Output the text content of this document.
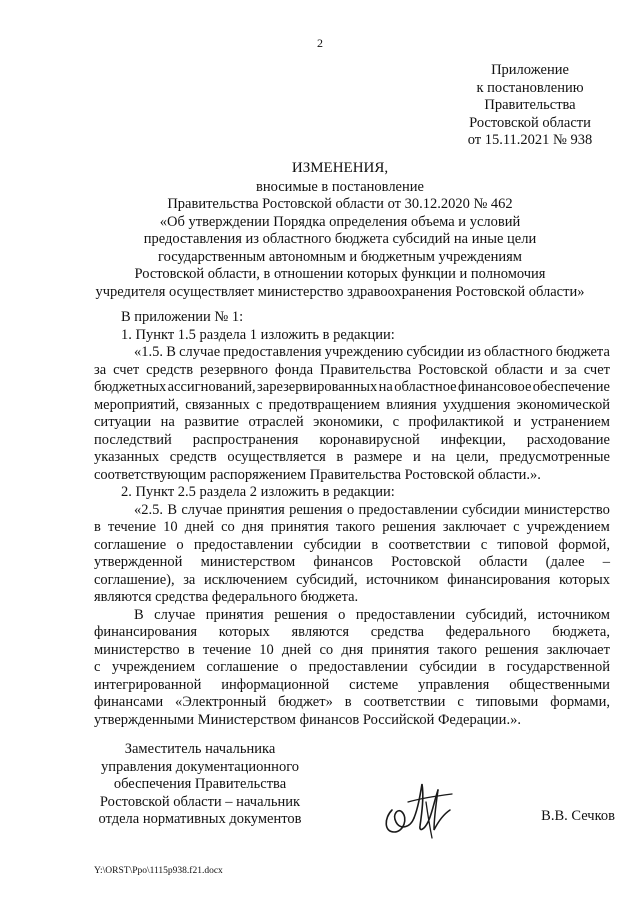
2
Приложение
к постановлению
Правительства
Ростовской области
от 15.11.2021 № 938
ИЗМЕНЕНИЯ,
вносимые в постановление
Правительства Ростовской области от 30.12.2020 № 462
«Об утверждении Порядка определения объема и условий
предоставления из областного бюджета субсидий на иные цели
государственным автономным и бюджетным учреждениям
Ростовской области, в отношении которых функции и полномочия
учредителя осуществляет министерство здравоохранения Ростовской области»
В приложении № 1:
1. Пункт 1.5 раздела 1 изложить в редакции:
«1.5. В случае предоставления учреждению субсидии из областного бюджета
за счет средств резервного фонда Правительства Ростовской области и за счет
бюджетных ассигнований, зарезервированных на областное финансовое обеспечение
мероприятий, связанных с предотвращением влияния ухудшения экономической
ситуации на развитие отраслей экономики, с профилактикой и устранением
последствий распространения коронавирусной инфекции, расходование
указанных средств осуществляется в размере и на цели, предусмотренные
соответствующим распоряжением Правительства Ростовской области.».
2. Пункт 2.5 раздела 2 изложить в редакции:
«2.5. В случае принятия решения о предоставлении субсидии министерство
в течение 10 дней со дня принятия такого решения заключает с учреждением
соглашение о предоставлении субсидии в соответствии с типовой формой,
утвержденной министерством финансов Ростовской области (далее –
соглашение), за исключением субсидий, источником финансирования которых
являются средства федерального бюджета.
В случае принятия решения о предоставлении субсидий, источником
финансирования которых являются средства федерального бюджета,
министерство в течение 10 дней со дня принятия такого решения заключает
с учреждением соглашение о предоставлении субсидии в государственной
интегрированной информационной системе управления общественными
финансами «Электронный бюджет» в соответствии с типовыми формами,
утвержденными Министерством финансов Российской Федерации.».
Заместитель начальника
управления документационного
обеспечения Правительства
Ростовской области – начальник
отдела нормативных документов	В.В. Сечков
Y:\ORST\Ppo\1115p938.f21.docx
